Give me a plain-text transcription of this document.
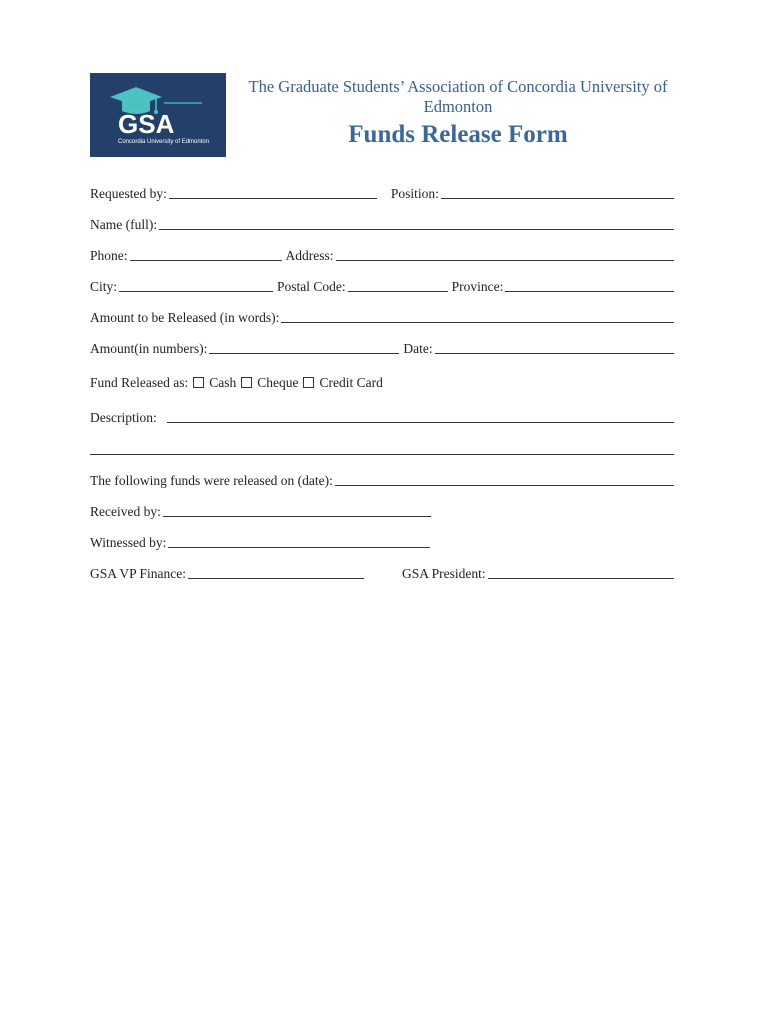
GSA
Concordia University of Edmonton
The Graduate Students’ Association of Concordia University of Edmonton
Funds Release Form
Requested by:	Position:
Name (full):
Phone:	Address:
City:	Postal Code:	Province:
Amount to be Released (in words):
Amount(in numbers):	Date:
Fund Released as: Cash Cheque Credit Card
Description:
The following funds were released on (date):
Received by:
Witnessed by:
GSA VP Finance:	GSA President:
